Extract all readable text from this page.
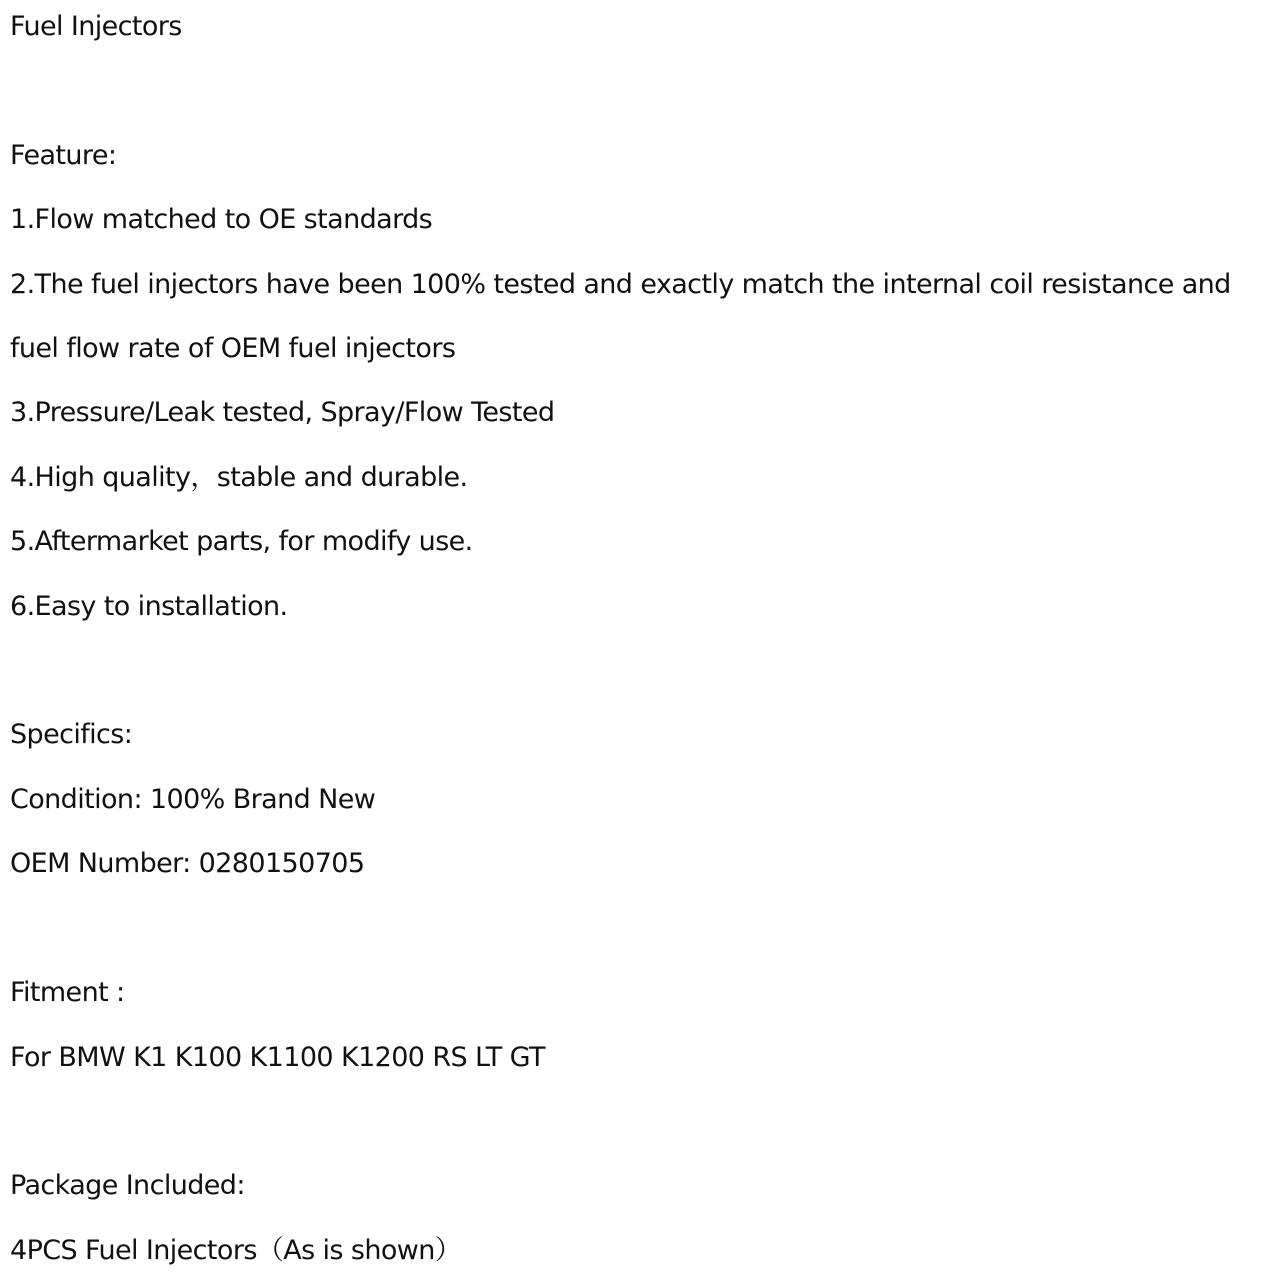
Fuel Injectors
Feature:
1.Flow matched to OE standards
2.The fuel injectors have been 100% tested and exactly match the internal coil resistance and
fuel flow rate of OEM fuel injectors
3.Pressure/Leak tested, Spray/Flow Tested
4.High quality，stable and durable.
5.Aftermarket parts, for modify use.
6.Easy to installation.
Specifics:
Condition: 100% Brand New
OEM Number: 0280150705
Fitment :
For BMW K1 K100 K1100 K1200 RS LT GT
Package Included:
4PCS Fuel Injectors（As is shown）
